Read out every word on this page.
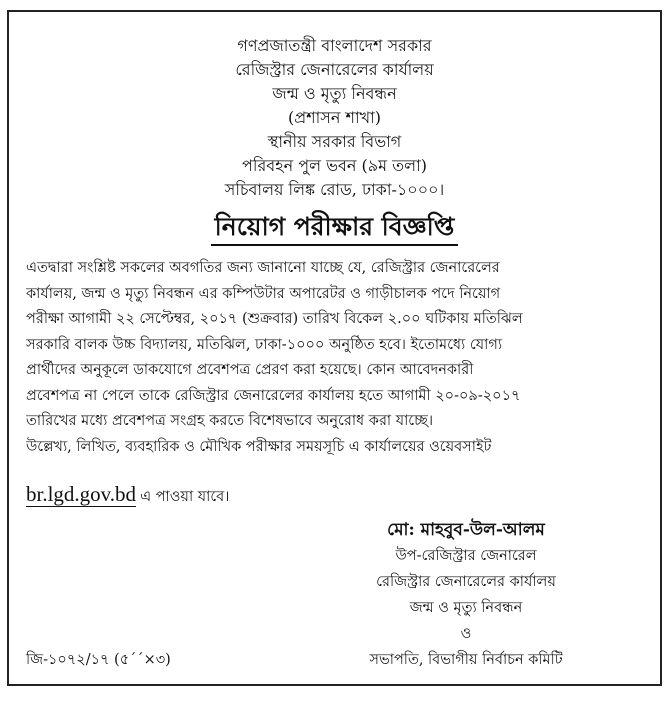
গণপ্রজাতন্ত্রী বাংলাদেশ সরকার
রেজিস্ট্রার জেনারেলের কার্যালয়
জন্ম ও মৃত্যু নিবন্ধন
(প্রশাসন শাখা)
স্থানীয় সরকার বিভাগ
পরিবহন পুল ভবন (৯ম তলা)
সচিবালয় লিঙ্ক রোড, ঢাকা-১০০০।
নিয়োগ পরীক্ষার বিজ্ঞপ্তি
এতদ্বারা সংশ্লিষ্ট সকলের অবগতির জন্য জানানো যাচ্ছে যে, রেজিস্ট্রার জেনারেলের
কার্যালয়, জন্ম ও মৃত্যু নিবন্ধন এর কম্পিউটার অপারেটর ও গাড়ীচালক পদে নিয়োগ
পরীক্ষা আগামী ২২ সেপ্টেম্বর, ২০১৭ (শুক্রবার) তারিখ বিকেল ২.০০ ঘটিকায় মতিঝিল
সরকারি বালক উচ্চ বিদ্যালয়, মতিঝিল, ঢাকা-১০০০ অনুষ্ঠিত হবে। ইতোমধ্যে যোগ্য
প্রার্থীদের অনুকূলে ডাকযোগে প্রবেশপত্র প্রেরণ করা হয়েছে। কোন আবেদনকারী
প্রবেশপত্র না পেলে তাকে রেজিস্ট্রার জেনারেলের কার্যালয় হতে আগামী ২০-০৯-২০১৭
তারিখের মধ্যে প্রবেশপত্র সংগ্রহ করতে বিশেষভাবে অনুরোধ করা যাচ্ছে।
উল্লেখ্য, লিখিত, ব্যবহারিক ও মৌখিক পরীক্ষার সময়সূচি এ কার্যালয়ের ওয়েবসাইট
br.lgd.gov.bd এ পাওয়া যাবে।
মো: মাহবুব-উল-আলম
উপ-রেজিস্ট্রার জেনারেল
রেজিস্ট্রার জেনারেলের কার্যালয়
জন্ম ও মৃত্যু নিবন্ধন
ও
জি-১০৭২/১৭ (৫´´×৩)	সভাপতি, বিভাগীয় নির্বাচন কমিটি
